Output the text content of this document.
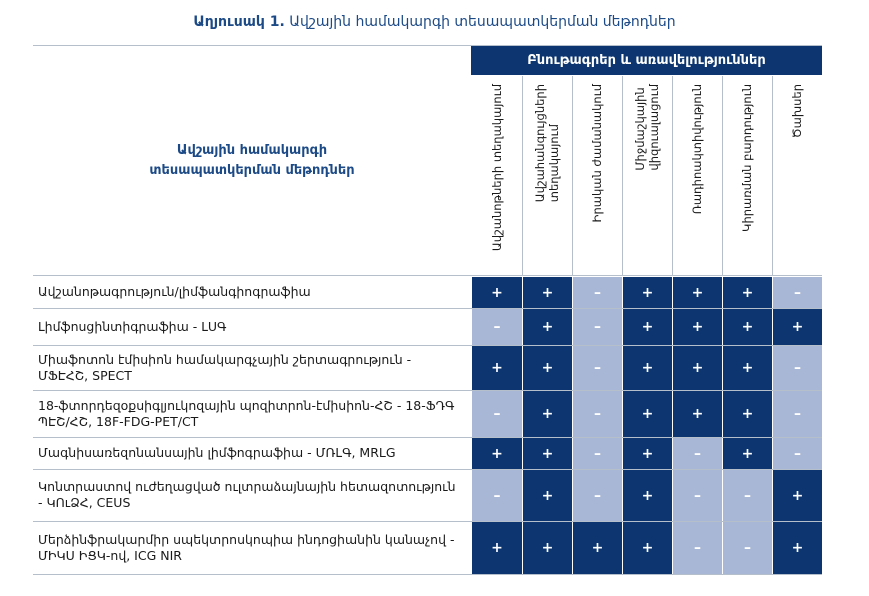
Աղյուսակ 1. Ավշային համակարգի տեսապատկերման մեթոդներ
Բնութագրեր և առավելություններ
Ավշային համակարգի
տեսապատկերման մեթոդներ	Ավշանոթների տեղակայում	Ավշահանգույցների տեղակայում	Իրական ժամանակում	Միջմաշկային վիզուալացում	Ռադիոակտիվություն	Կիրառման բարդություն	Ծախսեր
Ավշանոթագրություն/լիմֆանգիոգրաֆիա	+	+	–	+	+	+	–
Լիմֆոսցինտիգրաֆիա - ԼՍԳ	–	+	–	+	+	+	+
Միաֆոտոն էմիսիոն համակարգչային շերտագրություն -
ՄՖԷՀՇ, SPECT	+	+	–	+	+	+	–
18-ֆտորդեզօքսիգլյուկոզային պոզիտրոն-էմիսիոն-ՀՇ - 18-ՖԴԳ
ՊԷՇ/ՀՇ, 18F-FDG-PET/CT	–	+	–	+	+	+	–
Մագնիսառեզոնանսային լիմֆոգրաֆիա - ՄՌԼԳ, MRLG	+	+	–	+	–	+	–
Կոնտրաստով ուժեղացված ուլտրաձայնային հետազոտություն
- ԿՈւՁՀ, CEUS	–	+	–	+	–	–	+
Մերձինֆրակարմիր սպեկտրոսկոպիա ինդոցիանին կանաչով -
ՄԻԿՍ ԻՑԿ-ով, ICG NIR	+	+	+	+	–	–	+
